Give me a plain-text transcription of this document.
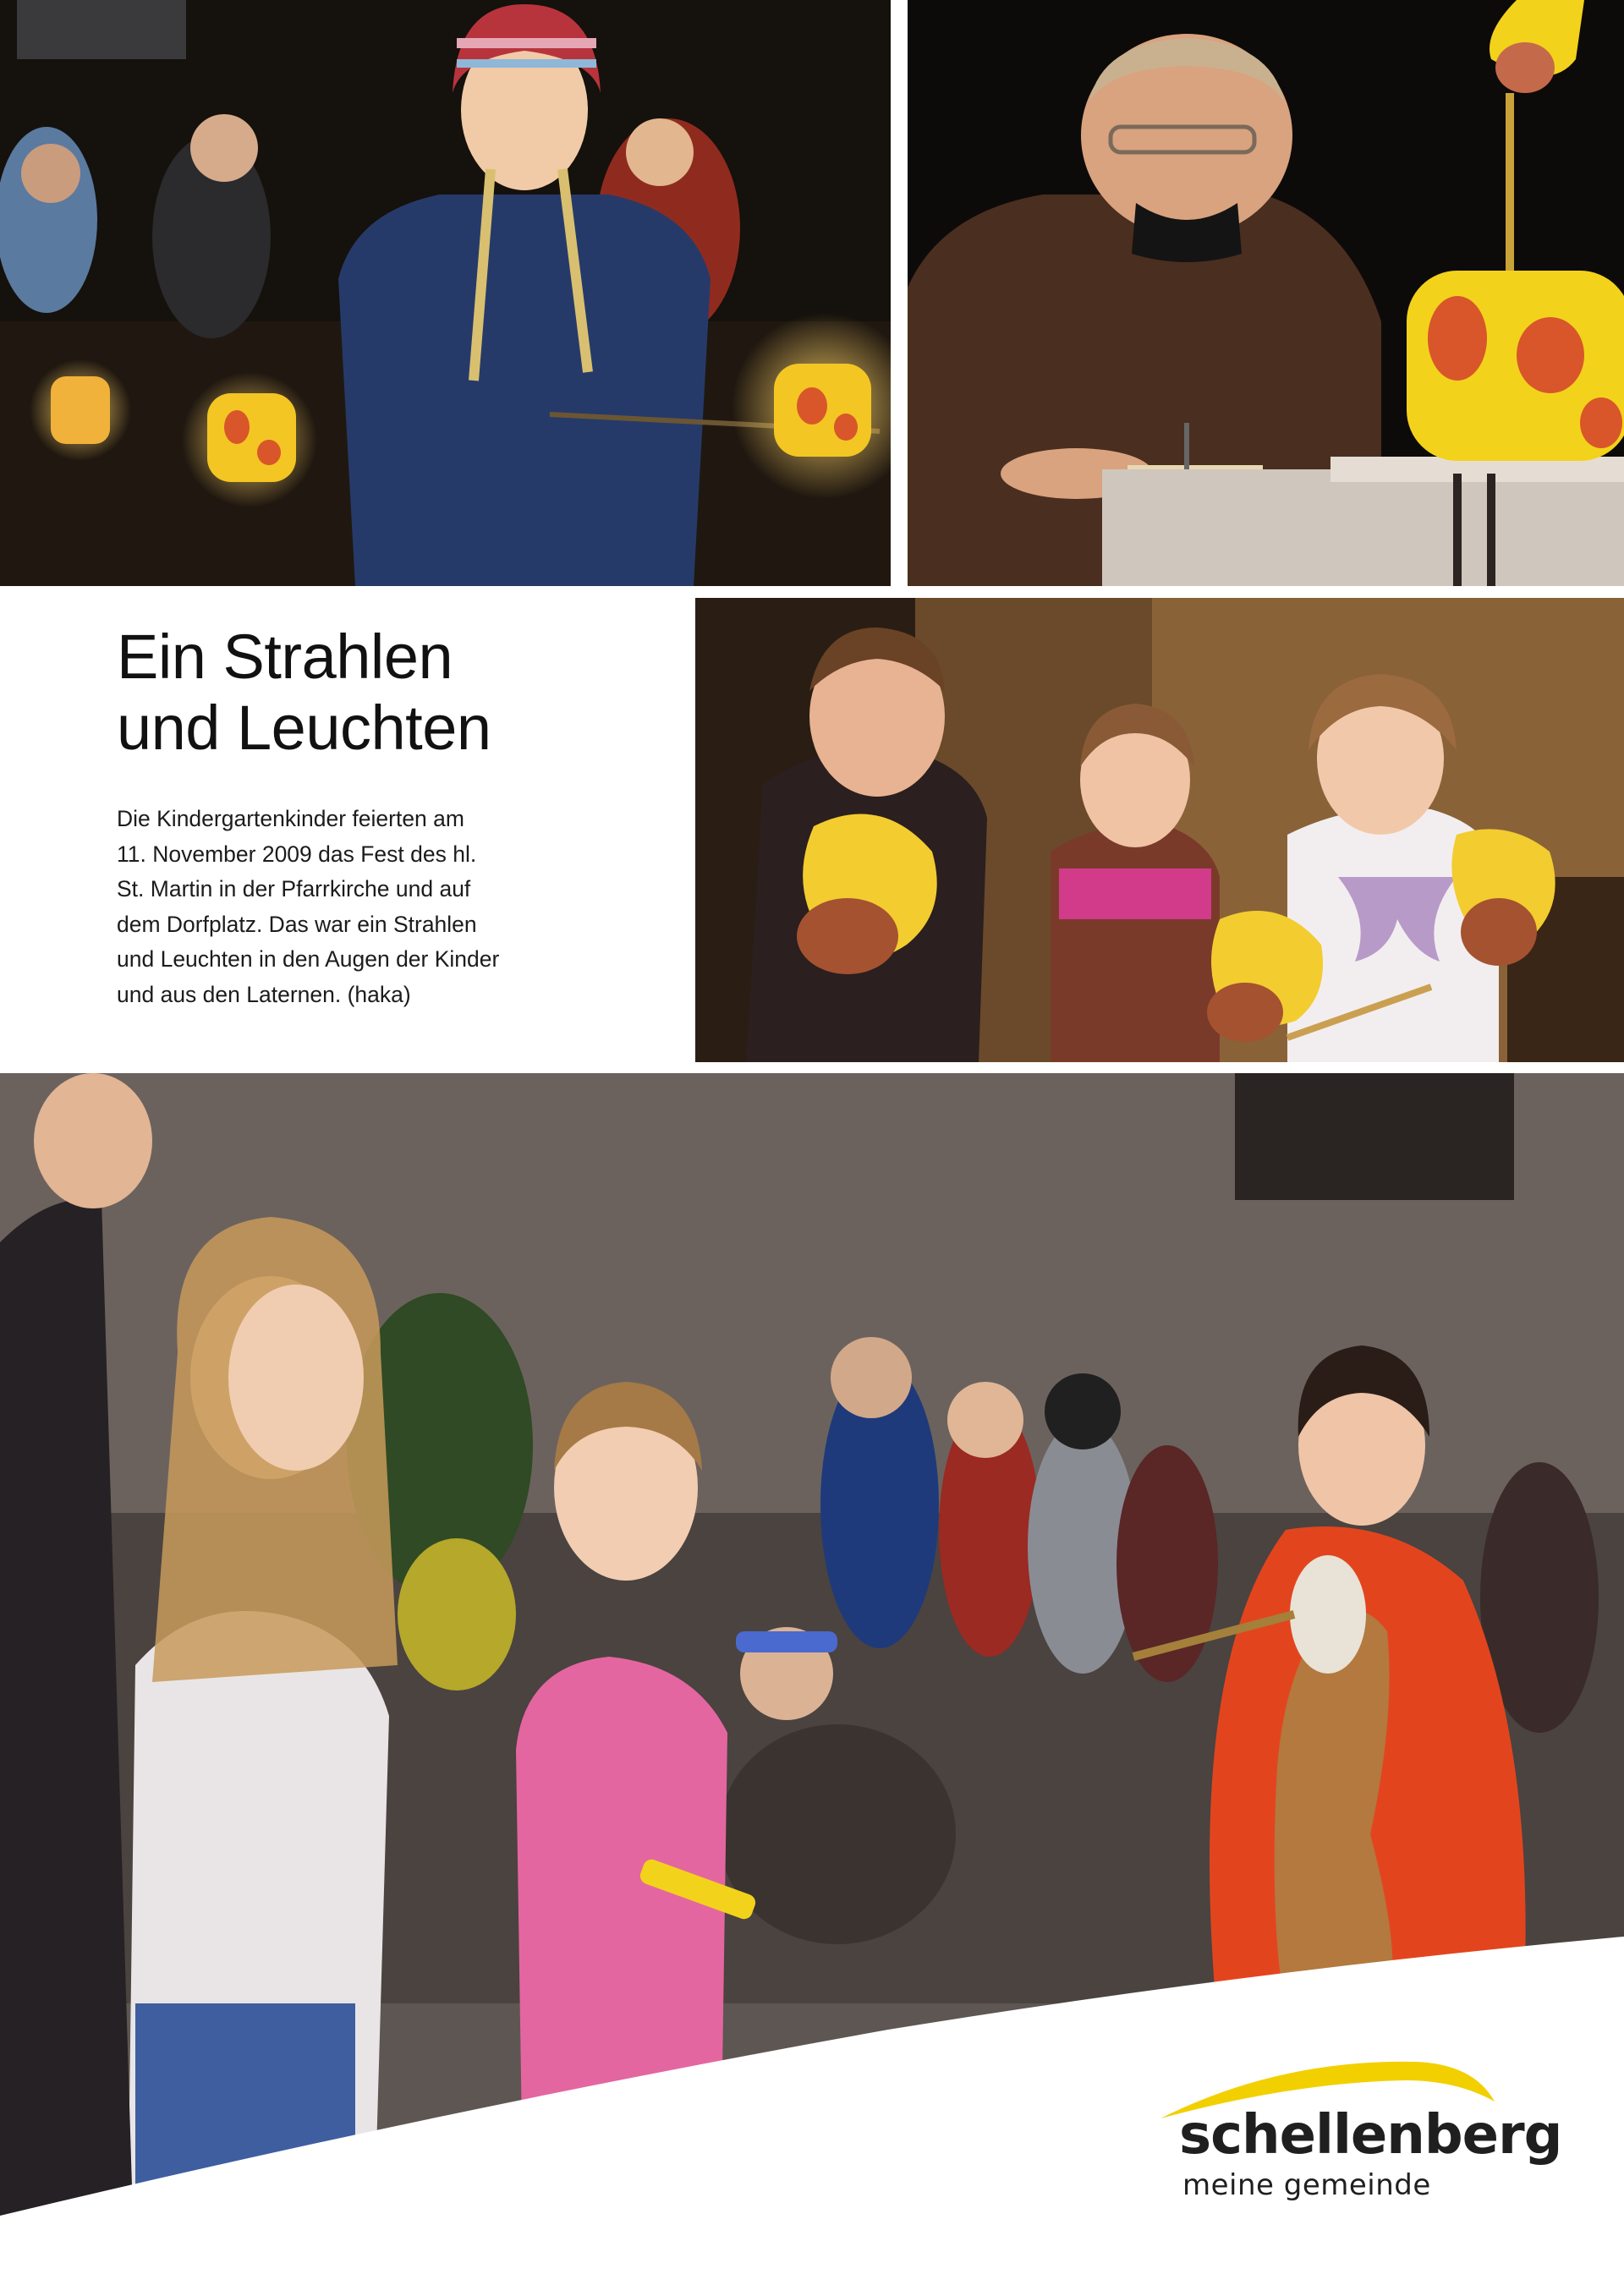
Ein Strahlen
und Leuchten

Die Kindergartenkinder feierten am
11. November 2009 das Fest des hl.
St. Martin in der Pfarrkirche und auf
dem Dorfplatz. Das war ein Strahlen
und Leuchten in den Augen der Kinder
und aus den Laternen. (haka)

schellenberg
meine gemeinde
